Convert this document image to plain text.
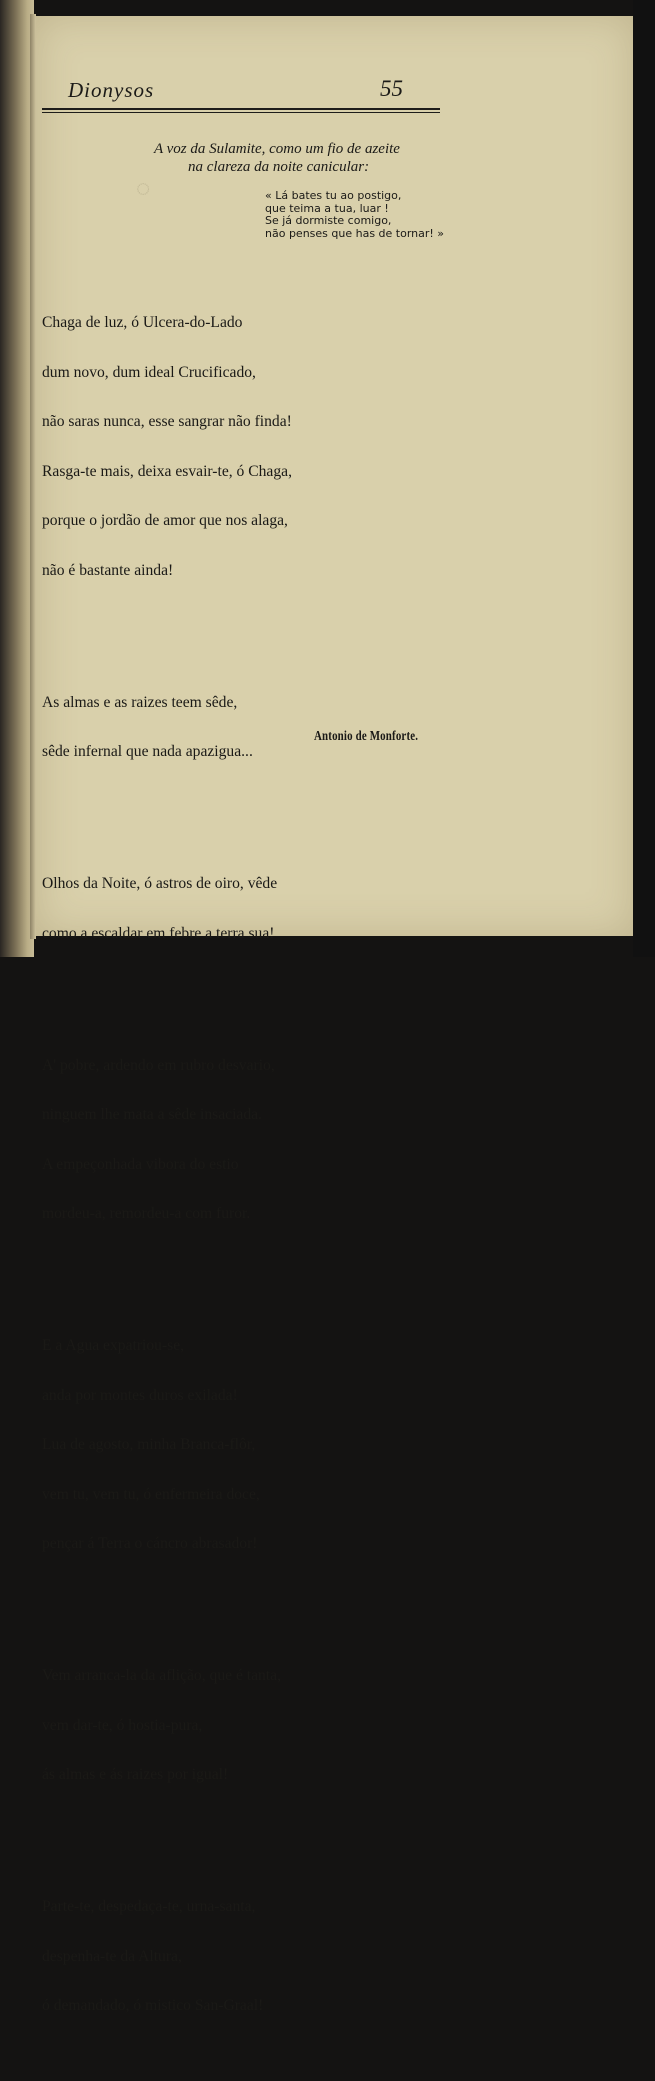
◌
Dionysos	55
A voz da Sulamite, como um fio de azeite
na clareza da noite canicular:
« Lá bates tu ao postigo,
que teima a tua, luar !
Se já dormiste comigo,
não penses que has de tornar! »

Chaga de luz, ó Ulcera-do-Lado

dum novo, dum ideal Crucificado,

não saras nunca, esse sangrar não finda!

Rasga-te mais, deixa esvair-te, ó Chaga,

porque o jordão de amor que nos alaga,

não é bastante ainda!

As almas e as raizes teem sêde,

sêde infernal que nada apazigua...

Olhos da Noite, ó astros de oiro, vêde

como a escaldar em febre a terra sua!

A' pobre, ardendo em rubro desvario,

ninguem lhe mata a sêde insaciada.

A empeçonhada vibora do estio

mordeu-a, remordeu-a com furor.

E a Agua expatriou-se,

anda por montes duros exilada!

Lua de agosto, minha Branca-flôr,

vem tu, vem tu, ó enfermeira doce,

pençar á Terra o cáncro abrasador!

Vem arranca-la da aflição, que é tanta,

vem dar-te, ó hostia-pura,

ás almas e ás raizes por igual!

Parte-te, despedaça-te, urna-santa,

despenha-te da Altura,

ó demandado, ó mistico San-Graal!

Antonio de Monforte.
